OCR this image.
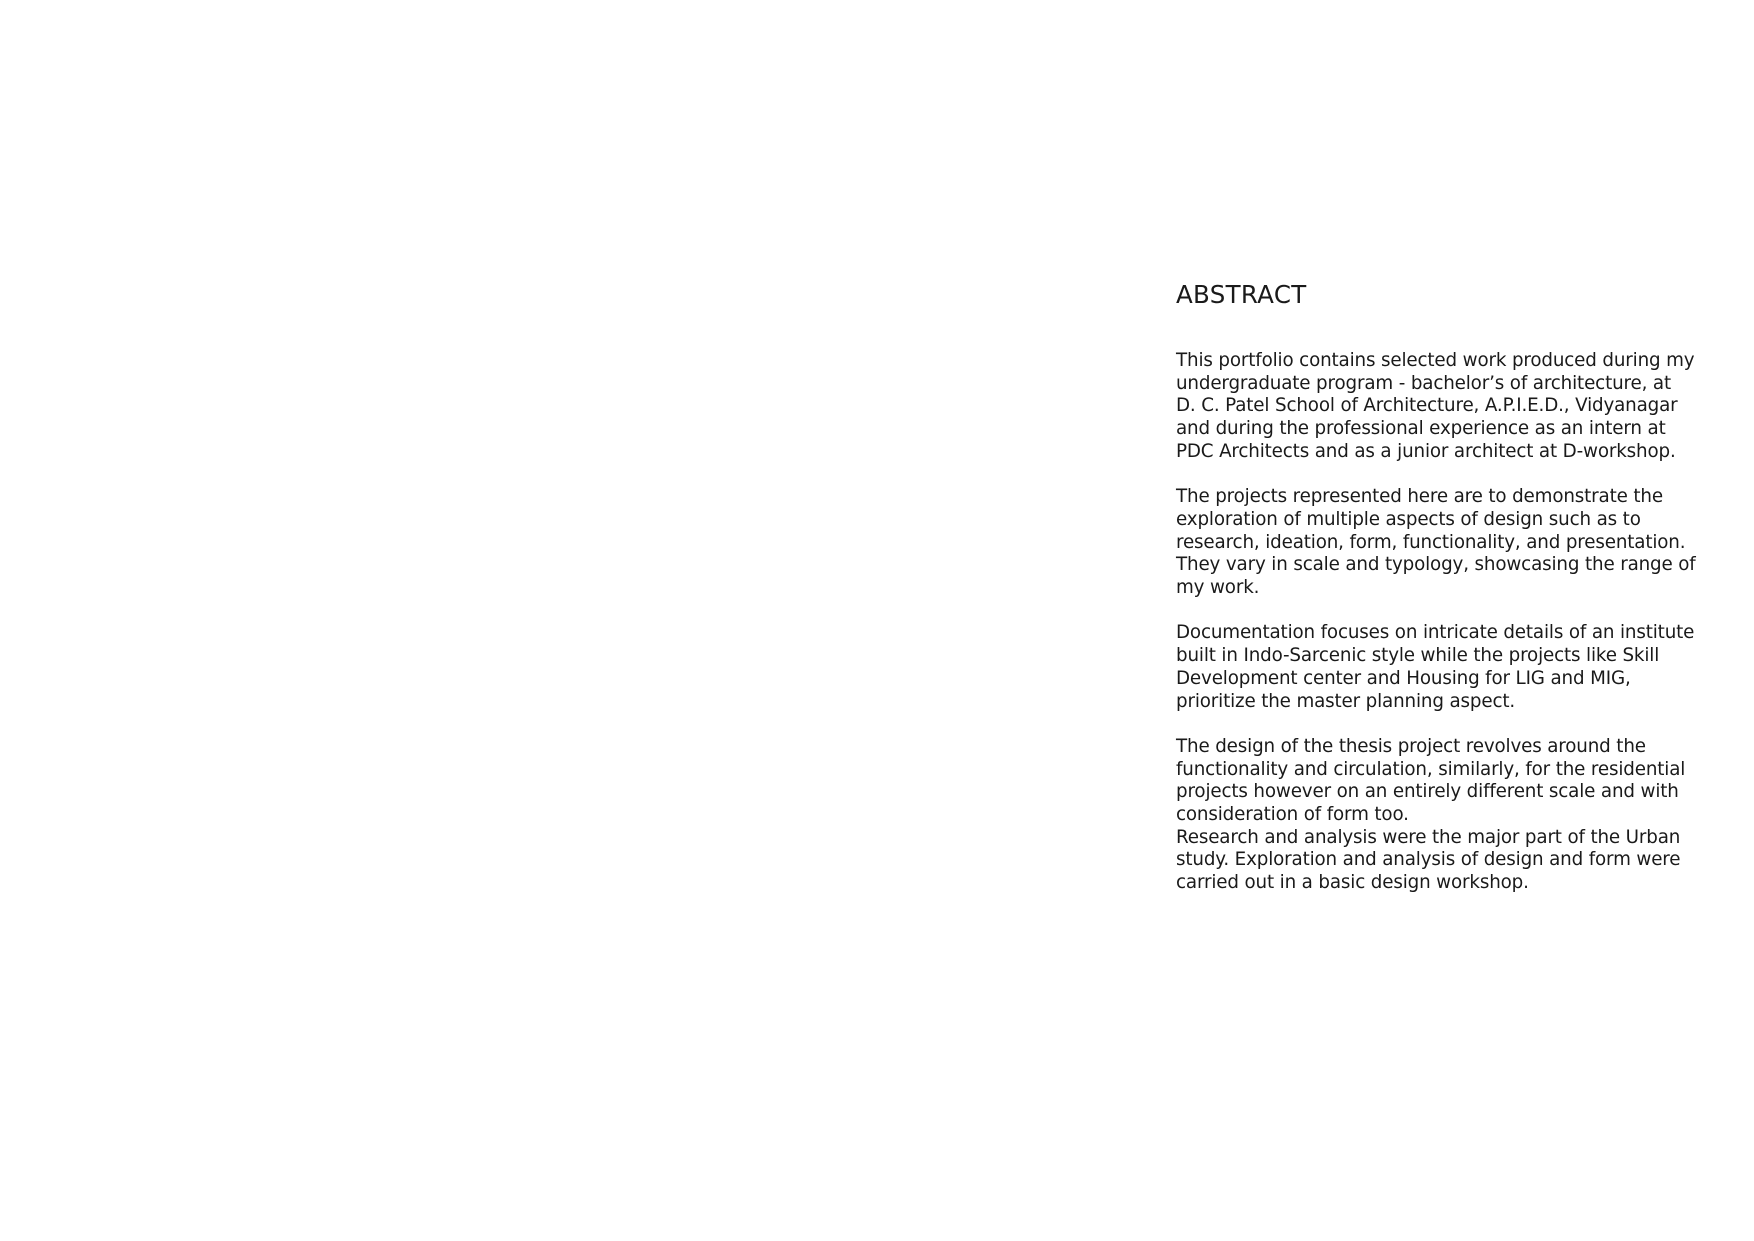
ABSTRACT

This portfolio contains selected work produced during my
undergraduate program - bachelor’s of architecture, at
D. C. Patel School of Architecture, A.P.I.E.D., Vidyanagar
and during the professional experience as an intern at
PDC Architects and as a junior architect at D-workshop.

The projects represented here are to demonstrate the
exploration of multiple aspects of design such as to
research, ideation, form, functionality, and presentation.
They vary in scale and typology, showcasing the range of
my work.

Documentation focuses on intricate details of an institute
built in Indo-Sarcenic style while the projects like Skill
Development center and Housing for LIG and MIG,
prioritize the master planning aspect.

The design of the thesis project revolves around the
functionality and circulation, similarly, for the residential
projects however on an entirely different scale and with
consideration of form too.

Research and analysis were the major part of the Urban
study. Exploration and analysis of design and form were
carried out in a basic design workshop.
